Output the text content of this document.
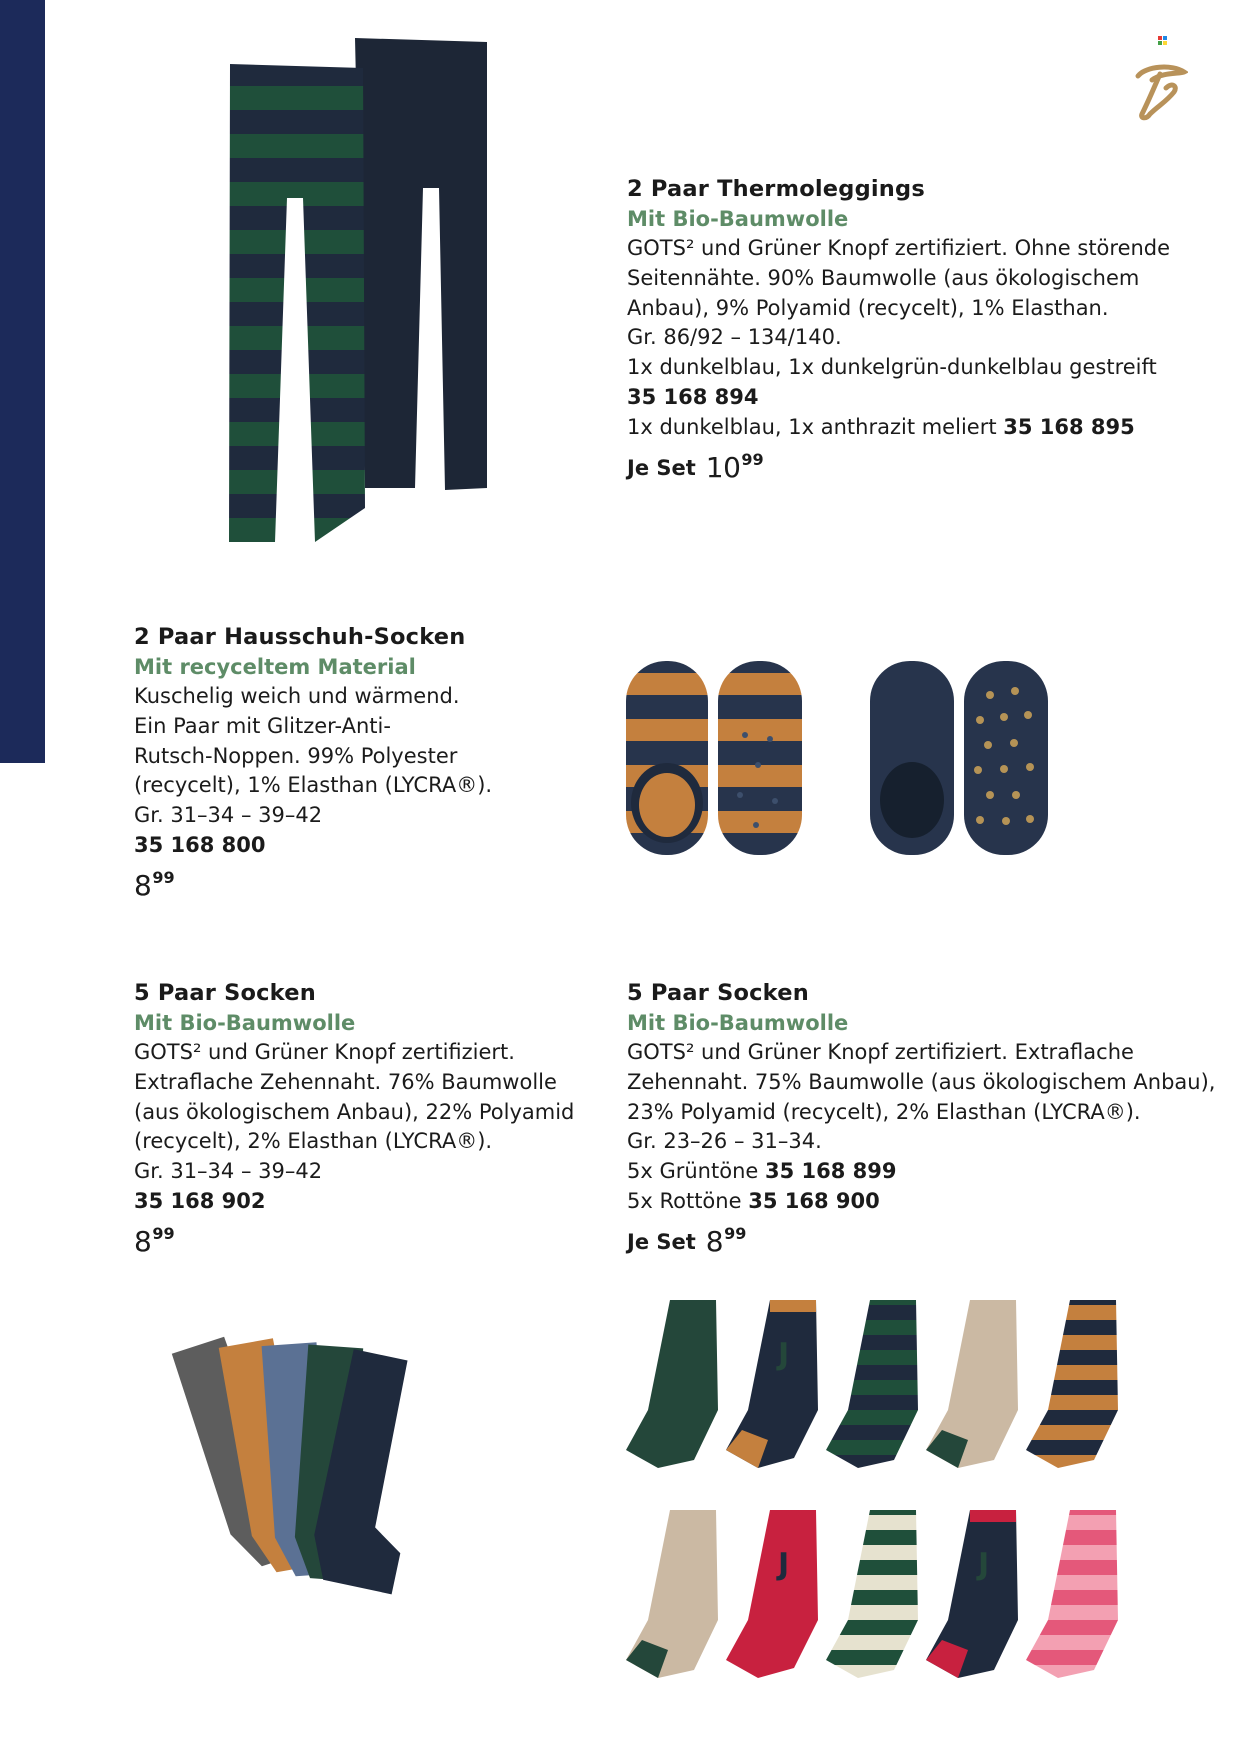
2 Paar Thermoleggings
Mit Bio-Baumwolle
GOTS² und Grüner Knopf zertifiziert. Ohne störende
Seitennähte. 90% Baumwolle (aus ökologischem
Anbau), 9% Polyamid (recycelt), 1% Elasthan.
Gr. 86/92 – 134/140.
1x dunkelblau, 1x dunkelgrün-dunkelblau gestreift
35 168 894
1x dunkelblau, 1x anthrazit meliert 35 168 895
Je Set 10 99
2 Paar Hausschuh-Socken
Mit recyceltem Material
Kuschelig weich und wärmend.
Ein Paar mit Glitzer-Anti-
Rutsch-Noppen. 99% Polyester
(recycelt), 1% Elasthan (LYCRA®).
Gr. 31–34 – 39–42
35 168 800
8 99
5 Paar Socken
Mit Bio-Baumwolle
GOTS² und Grüner Knopf zertifiziert.
Extraflache Zehennaht. 76% Baumwolle
(aus ökologischem Anbau), 22% Polyamid
(recycelt), 2% Elasthan (LYCRA®).
Gr. 31–34 – 39–42
35 168 902
8 99
5 Paar Socken
Mit Bio-Baumwolle
GOTS² und Grüner Knopf zertifiziert. Extraflache
Zehennaht. 75% Baumwolle (aus ökologischem Anbau),
23% Polyamid (recycelt), 2% Elasthan (LYCRA®).
Gr. 23–26 – 31–34.
5x Grüntöne 35 168 899
5x Rottöne 35 168 900
Je Set 8 99
J
J	J
